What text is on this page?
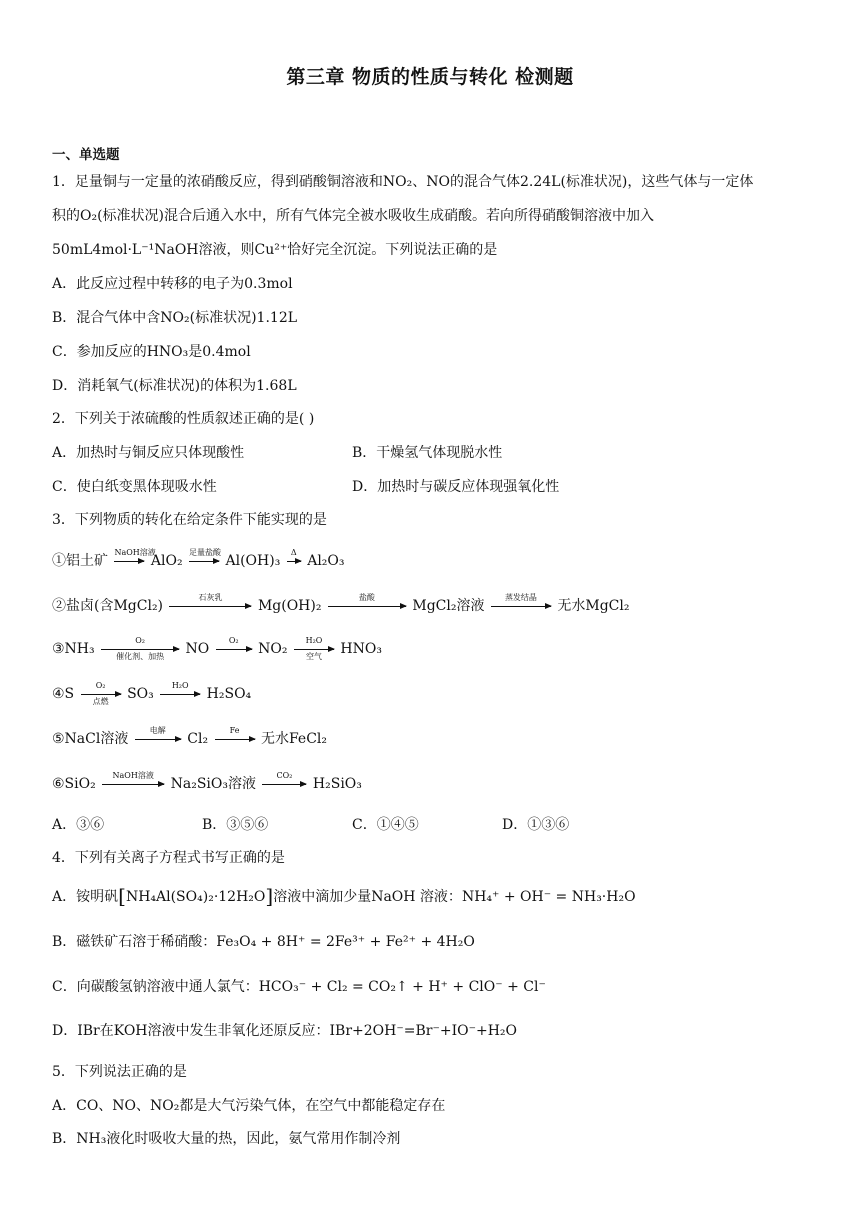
第三章 物质的性质与转化 检测题
一、单选题
1．足量铜与一定量的浓硝酸反应，得到硝酸铜溶液和NO₂、NO的混合气体2.24L(标准状况)，这些气体与一定体
积的O₂(标准状况)混合后通入水中，所有气体完全被水吸收生成硝酸。若向所得硝酸铜溶液中加入
50mL4mol·L⁻¹NaOH溶液，则Cu²⁺恰好完全沉淀。下列说法正确的是
A．此反应过程中转移的电子为0.3mol
B．混合气体中含NO₂(标准状况)1.12L
C．参加反应的HNO₃是0.4mol
D．消耗氧气(标准状况)的体积为1.68L
2．下列关于浓硫酸的性质叙述正确的是( )
A．加热时与铜反应只体现酸性	B．干燥氢气体现脱水性
C．使白纸变黑体现吸水性	D．加热时与碳反应体现强氧化性
3．下列物质的转化在给定条件下能实现的是
①铝土矿
NaOH溶液
AlO₂
足量盐酸
Al(OH)₃
Δ
Al₂O₃
②盐卤(含MgCl₂)
石灰乳
Mg(OH)₂
盐酸
MgCl₂溶液
蒸发结晶
无水MgCl₂
③NH₃
O₂
催化剂、加热	NO
O₂
NO₂
H₂O
空气	HNO₃
④S
O₂
点燃	SO₃
H₂O
H₂SO₄
⑤NaCl溶液
电解
Cl₂
Fe
无水FeCl₂
⑥SiO₂
NaOH溶液
Na₂SiO₃溶液
CO₂
H₂SiO₃
A．③⑥	B．③⑤⑥	C．①④⑤	D．①③⑥
4．下列有关离子方程式书写正确的是
A．铵明矾[NH₄Al(SO₄)₂·12H₂O]溶液中滴加少量NaOH 溶液：NH₄⁺ + OH⁻ = NH₃·H₂O
B．磁铁矿石溶于稀硝酸：Fe₃O₄ + 8H⁺ = 2Fe³⁺ + Fe²⁺ + 4H₂O
C．向碳酸氢钠溶液中通人氯气：HCO₃⁻ + Cl₂ = CO₂↑ + H⁺ + ClO⁻ + Cl⁻
D．IBr在KOH溶液中发生非氧化还原反应：IBr+2OH⁻=Br⁻+IO⁻+H₂O
5．下列说法正确的是
A．CO、NO、NO₂都是大气污染气体，在空气中都能稳定存在
B．NH₃液化时吸收大量的热，因此，氨气常用作制冷剂
